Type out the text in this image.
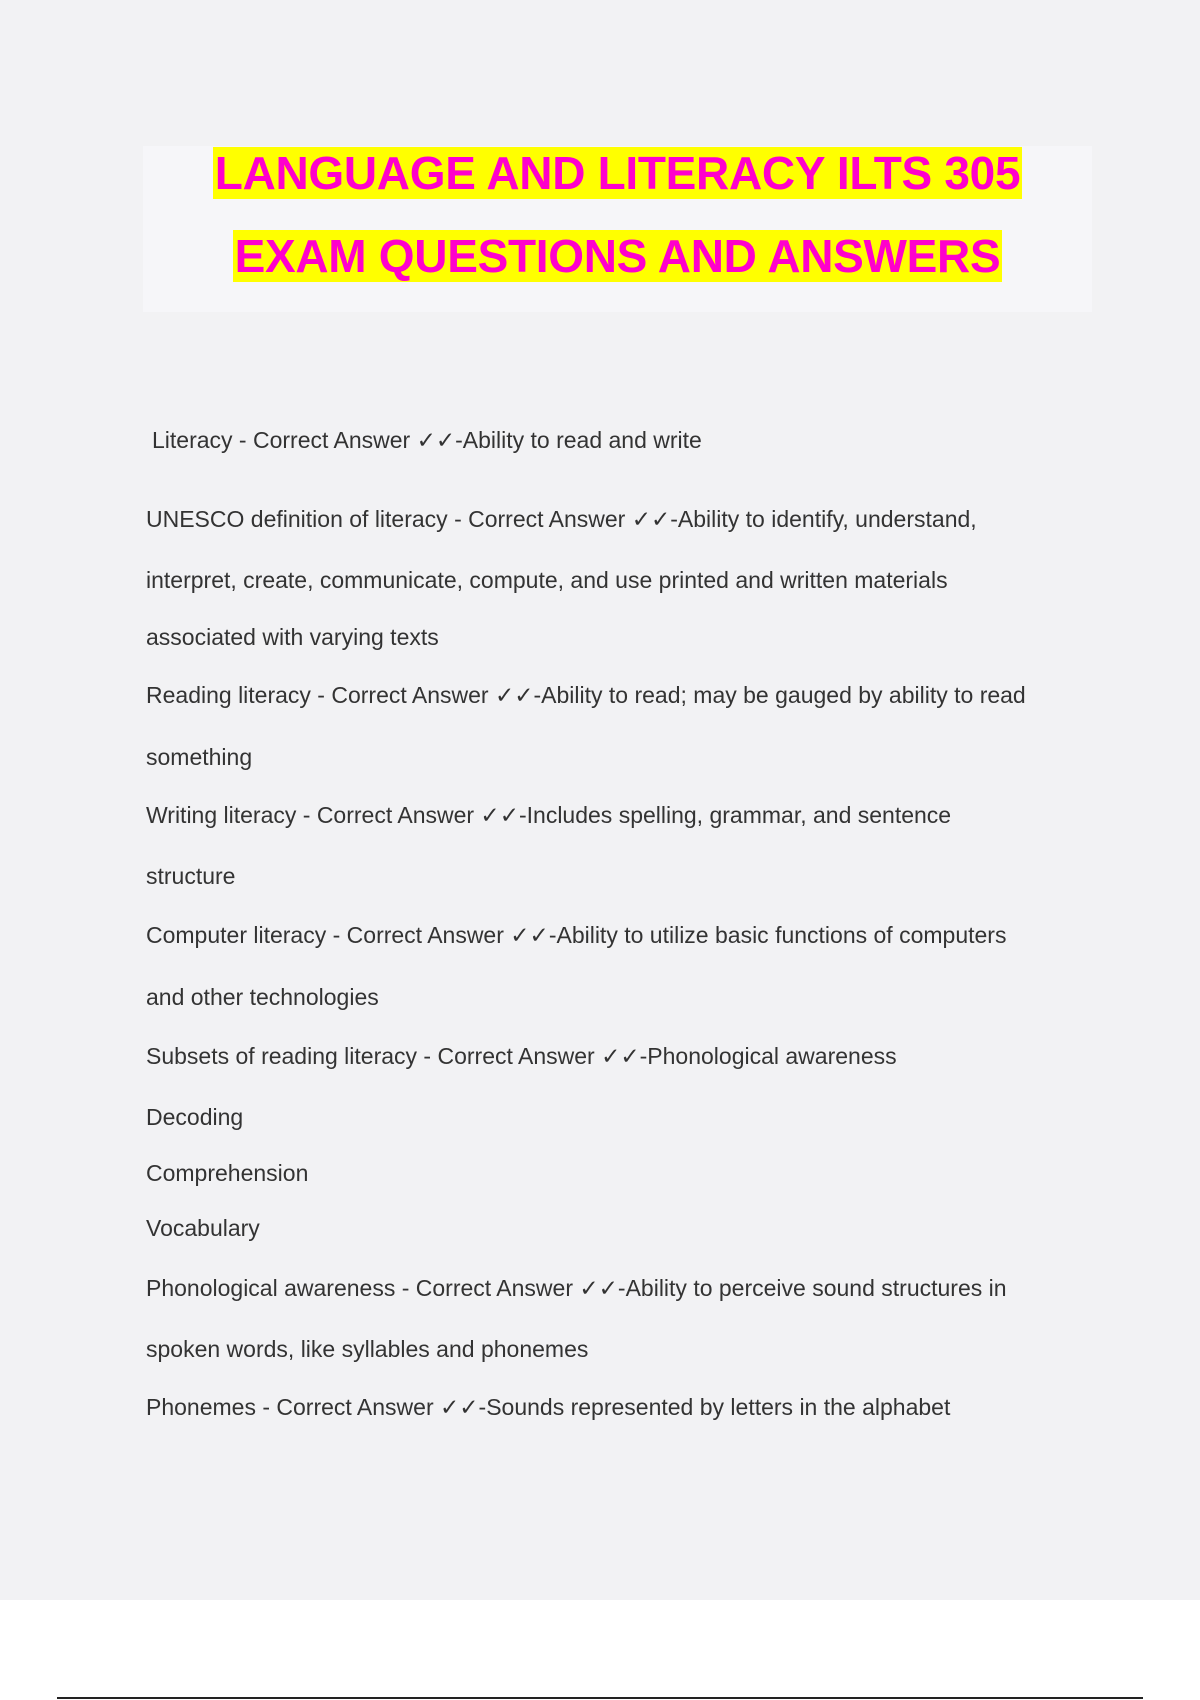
LANGUAGE AND LITERACY ILTS 305
EXAM QUESTIONS AND ANSWERS
Literacy - Correct Answer ✓✓-Ability to read and write
UNESCO definition of literacy - Correct Answer ✓✓-Ability to identify, understand,
interpret, create, communicate, compute, and use printed and written materials
associated with varying texts
Reading literacy - Correct Answer ✓✓-Ability to read; may be gauged by ability to read
something
Writing literacy - Correct Answer ✓✓-Includes spelling, grammar, and sentence
structure
Computer literacy - Correct Answer ✓✓-Ability to utilize basic functions of computers
and other technologies
Subsets of reading literacy - Correct Answer ✓✓-Phonological awareness
Decoding
Comprehension
Vocabulary
Phonological awareness - Correct Answer ✓✓-Ability to perceive sound structures in
spoken words, like syllables and phonemes
Phonemes - Correct Answer ✓✓-Sounds represented by letters in the alphabet
